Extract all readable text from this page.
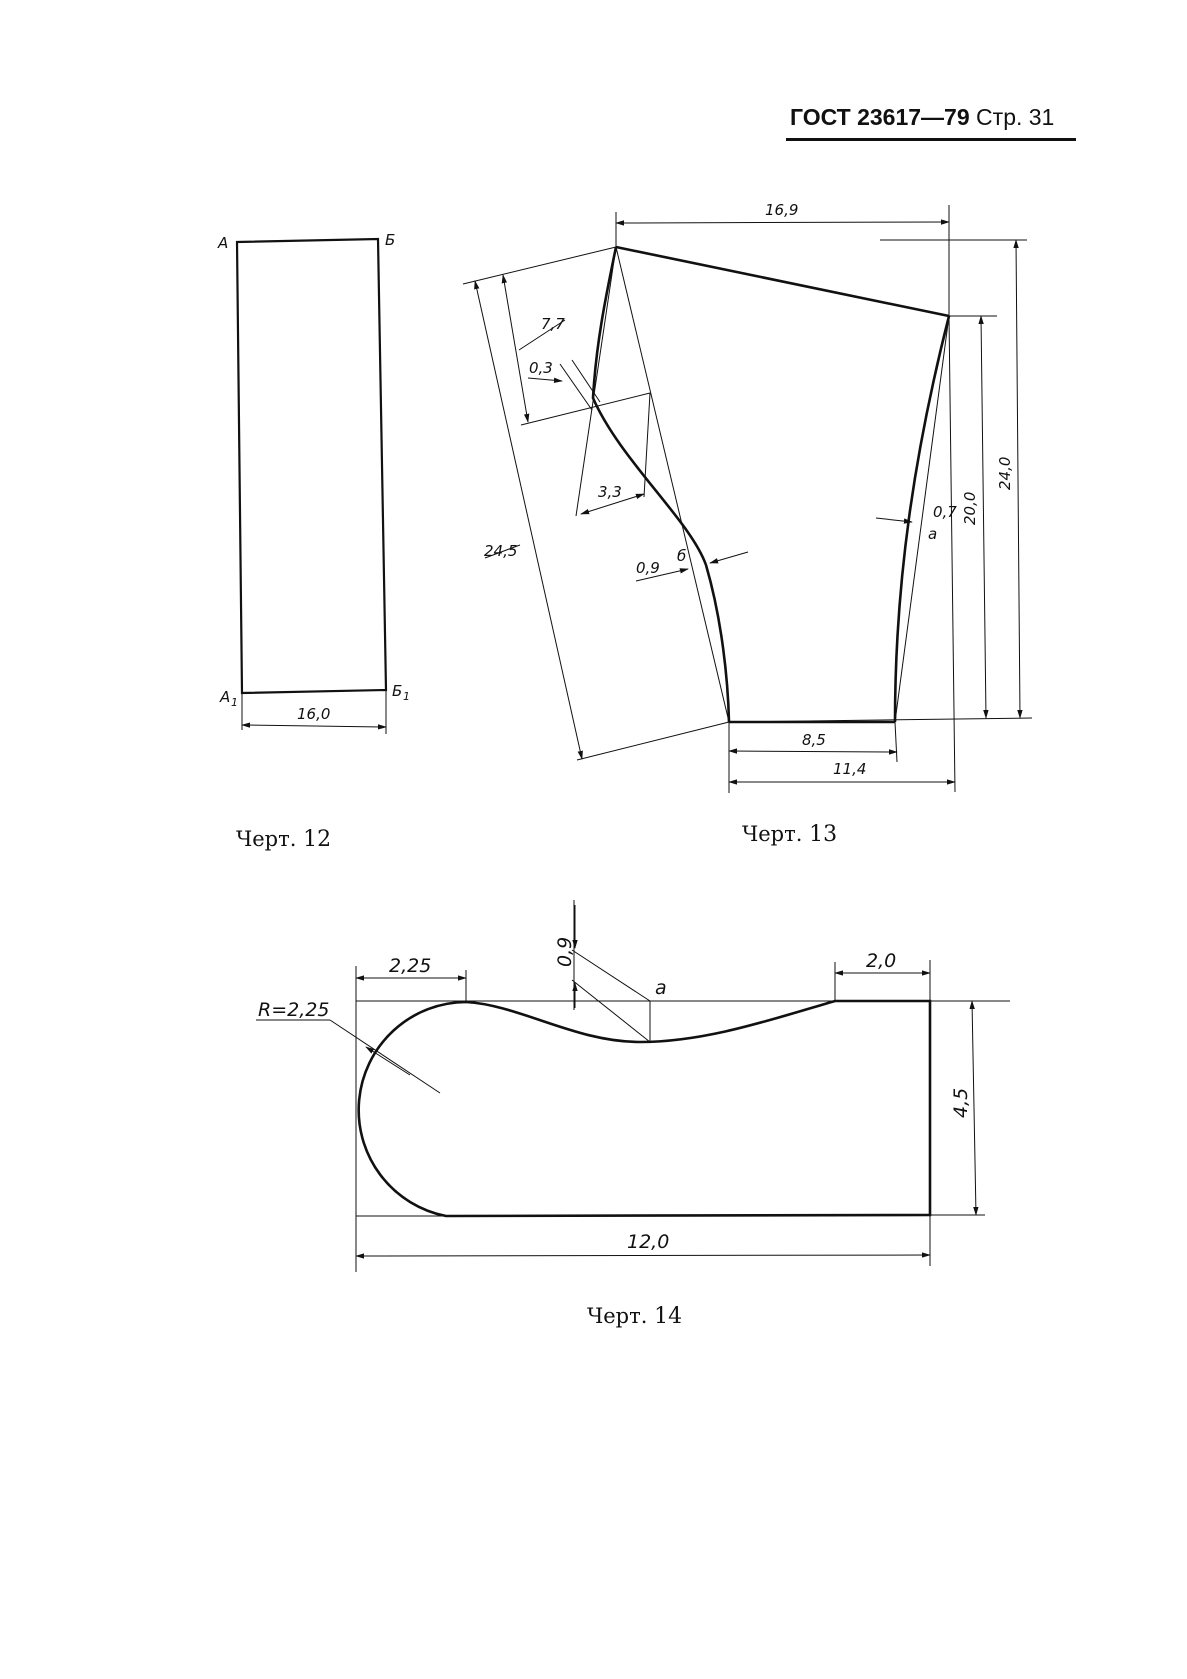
ГОСТ 23617—79 Стр. 31
А	Б
А 1
Б 1
16,0
16,9
24,0
20,0
24,5
7,7
0,3
3,3
0,9
0,7
8,5
11,4
а
б
2,25	2,0
0,9
4,5
12,0
R=2,25
а
Черт. 12	Черт. 13
Черт. 14
